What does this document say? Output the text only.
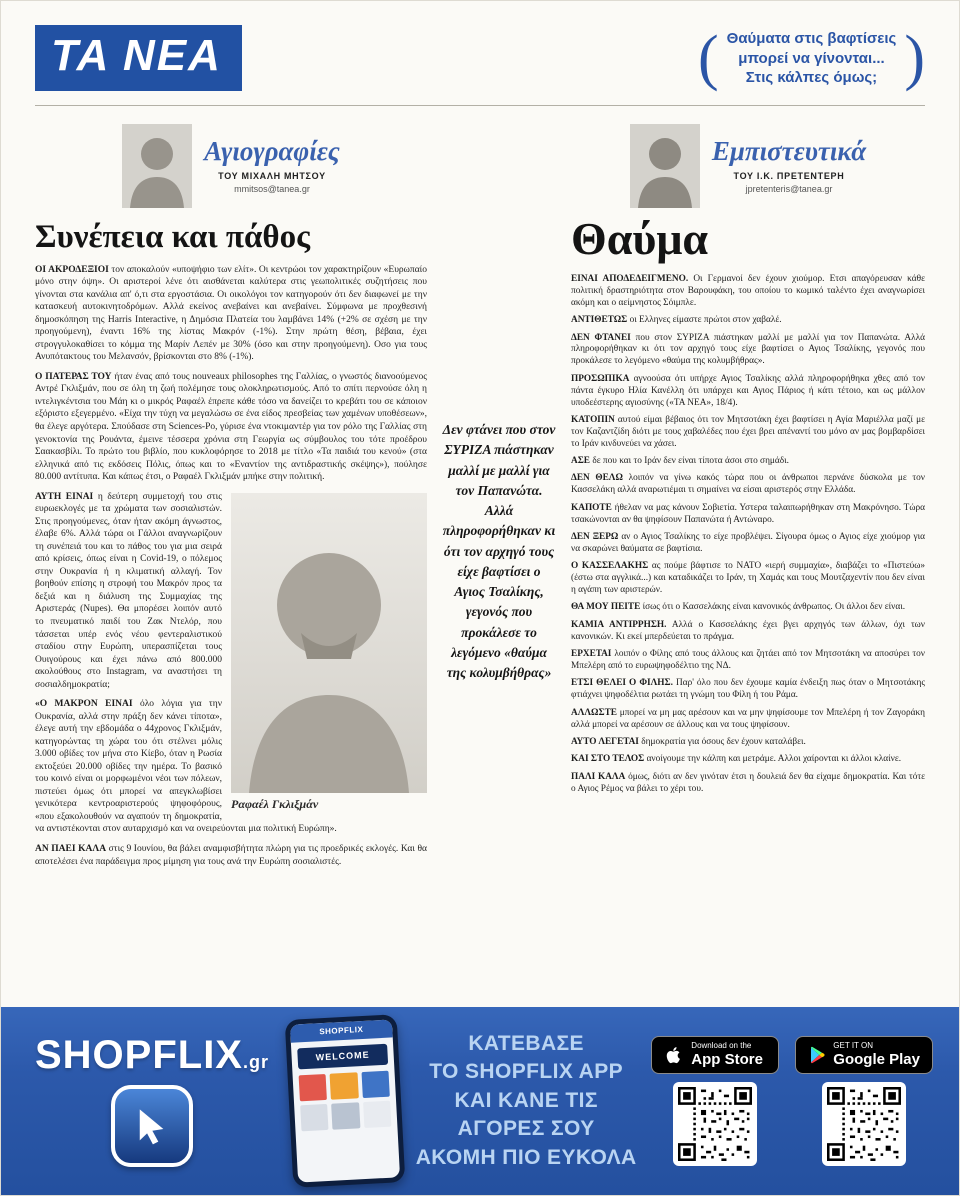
ΤΑ ΝΕΑ	( Θαύματα στις βαφτίσεις
μπορεί να γίνονται...
Στις κάλπες όμως; )
Αγιογραφίες
ΤΟΥ ΜΙΧΑΛΗ ΜΗΤΣΟΥ
mmitsos@tanea.gr
Συνέπεια και πάθος

ΟΙ ΑΚΡΟΔΕΞΙΟΙ τον αποκαλούν «υποψήφιο των ελίτ». Οι κεντρώοι τον χαρακτηρίζουν «Ευρωπαίο μόνο στην όψη». Οι αριστεροί λένε ότι αισθάνεται καλύτερα στις γεωπολιτικές συζητήσεις που γίνονται στα κανάλια απ' ό,τι στα εργοστάσια. Οι οικολόγοι τον κατηγορούν ότι δεν διαφωνεί με την κατασκευή αυτοκινητοδρόμων. Αλλά εκείνος ανεβαίνει και ανεβαίνει. Σύμφωνα με προχθεσινή δημοσκόπηση της Harris Interactive, η Δημόσια Πλατεία του λαμβάνει 14% (+2% σε σχέση με την προηγούμενη), έναντι 16% της λίστας Μακρόν (-1%). Στην πρώτη θέση, βέβαια, έχει στρογγυλοκαθίσει το κόμμα της Μαρίν Λεπέν με 30% (όσο και στην προηγούμενη). Οσο για τους Ανυπότακτους του Μελανσόν, βρίσκονται στο 8% (-1%).

Ο ΠΑΤΕΡΑΣ ΤΟΥ ήταν ένας από τους nouveaux philosophes της Γαλλίας, ο γνωστός διανοούμενος Αντρέ Γκλιξμάν, που σε όλη τη ζωή πολέμησε τους ολοκληρωτισμούς. Από το σπίτι περνούσε όλη η ιντελιγκέντσια του Μάη κι ο μικρός Ραφαέλ έπρεπε κάθε τόσο να δανείζει το κρεβάτι του σε κάποιον εξόριστο εξεγερμένο. «Είχα την τύχη να μεγαλώσω σε ένα είδος πρεσβείας των χαμένων υποθέσεων», θα έλεγε αργότερα. Σπούδασε στη Sciences-Po, γύρισε ένα ντοκιμαντέρ για τον ρόλο της Γαλλίας στη γενοκτονία της Ρουάντα, έμεινε τέσσερα χρόνια στη Γεωργία ως σύμβουλος του τότε προέδρου Σαακασβίλι. Το πρώτο του βιβλίο, που κυκλοφόρησε το 2018 με τίτλο «Τα παιδιά του κενού» (στα ελληνικά από τις εκδόσεις Πόλις, όπως και το «Εναντίον της αντιδραστικής σκέψης»), πούλησε 80.000 αντίτυπα. Και κάπως έτσι, ο Ραφαέλ Γκλιξμάν μπήκε στην πολιτική.

Ραφαέλ Γκλιξμάν

ΑΥΤΗ ΕΙΝΑΙ η δεύτερη συμμετοχή του στις ευρωεκλογές με τα χρώματα των σοσιαλιστών. Στις προηγούμενες, όταν ήταν ακόμη άγνωστος, έλαβε 6%. Αλλά τώρα οι Γάλλοι αναγνωρίζουν τη συνέπειά του και το πάθος του για μια σειρά από κρίσεις, όπως είναι η Covid-19, ο πόλεμος στην Ουκρανία ή η κλιματική αλλαγή. Τον βοηθούν επίσης η στροφή του Μακρόν προς τα δεξιά και η διάλυση της Συμμαχίας της Αριστεράς (Nupes). Θα μπορέσει λοιπόν αυτό το πνευματικό παιδί του Ζακ Ντελόρ, που τάσσεται υπέρ ενός νέου φεντεραλιστικού σταδίου στην Ευρώπη, υπερασπίζεται τους Ουιγούρους και έχει πάνω από 800.000 ακολούθους στο Instagram, να αναστήσει τη σοσιαλδημοκρατία;

«Ο ΜΑΚΡΟΝ ΕΙΝΑΙ όλο λόγια για την Ουκρανία, αλλά στην πράξη δεν κάνει τίποτα», έλεγε αυτή την εβδομάδα ο 44χρονος Γκλιξμάν, κατηγορώντας τη χώρα του ότι στέλνει μόλις 3.000 οβίδες τον μήνα στο Κίεβο, όταν η Ρωσία εκτοξεύει 20.000 οβίδες την ημέρα. Το βασικό του κοινό είναι οι μορφωμένοι νέοι των πόλεων, πιστεύει όμως ότι μπορεί να απεγκλωβίσει γενικότερα κεντροαριστερούς ψηφοφόρους, «που εξακολουθούν να αγαπούν τη δημοκρατία, να αντιστέκονται στον αυταρχισμό και να ονειρεύονται μια πολιτική Ευρώπη».

ΑΝ ΠΑΕΙ ΚΑΛΑ στις 9 Ιουνίου, θα βάλει αναμφισβήτητα πλώρη για τις προεδρικές εκλογές. Και θα αποτελέσει ένα παράδειγμα προς μίμηση για τους ανά την Ευρώπη σοσιαλιστές.

Δεν φτάνει που στον ΣΥΡΙΖΑ πιάστηκαν μαλλί με μαλλί για τον Παπανώτα. Αλλά πληροφορήθηκαν κι ότι τον αρχηγό τους είχε βαφτίσει ο Αγιος Τσαλίκης, γεγονός που προκάλεσε το λεγόμενο «θαύμα της κολυμβήθρας»

Εμπιστευτικά
ΤΟΥ Ι.Κ. ΠΡΕΤΕΝΤΕΡΗ
jpretenteris@tanea.gr
Θαύμα

ΕΙΝΑΙ ΑΠΟΔΕΔΕΙΓΜΕΝΟ. Οι Γερμανοί δεν έχουν χιούμορ. Ετσι απαγόρευσαν κάθε πολιτική δραστηριότητα στον Βαρουφάκη, του οποίου το κωμικό ταλέντο έχει αναγνωρίσει ακόμη και ο αείμνηστος Σόιμπλε.

ΑΝΤΙΘΕΤΩΣ οι Ελληνες είμαστε πρώτοι στον χαβαλέ.

ΔΕΝ ΦΤΑΝΕΙ που στον ΣΥΡΙΖΑ πιάστηκαν μαλλί με μαλλί για τον Παπανώτα. Αλλά πληροφορήθηκαν κι ότι τον αρχηγό τους είχε βαφτίσει ο Αγιος Τσαλίκης, γεγονός που προκάλεσε το λεγόμενο «θαύμα της κολυμβήθρας».

ΠΡΟΣΩΠΙΚΑ αγνοούσα ότι υπήρχε Αγιος Τσαλίκης αλλά πληροφορήθηκα χθες από τον πάντα έγκυρο Ηλία Κανέλλη ότι υπάρχει και Αγιος Πάριος ή κάτι τέτοιο, και ως μάλλον υποδεέστερης αγιοσύνης («ΤΑ ΝΕΑ», 18/4).

ΚΑΤΟΠΙΝ αυτού είμαι βέβαιος ότι τον Μητσοτάκη έχει βαφτίσει η Αγία Μαριέλλα μαζί με τον Καζαντζίδη διότι με τους χαβαλέδες που έχει βρει απέναντί του μόνο αν μας βομβαρδίσει το Ιράν κινδυνεύει να χάσει.

ΑΣΕ δε που και το Ιράν δεν είναι τίποτα άσοι στο σημάδι.

ΔΕΝ ΘΕΛΩ λοιπόν να γίνω κακός τώρα που οι άνθρωποι περνάνε δύσκολα με τον Κασσελάκη αλλά αναρωτιέμαι τι σημαίνει να είσαι αριστερός στην Ελλάδα.

ΚΑΠΟΤΕ ήθελαν να μας κάνουν Σοβιετία. Υστερα ταλαιπωρήθηκαν στη Μακρόνησο. Τώρα τσακώνονται αν θα ψηφίσουν Παπανώτα ή Αντώναρο.

ΔΕΝ ΞΕΡΩ αν ο Αγιος Τσαλίκης το είχε προβλέψει. Σίγουρα όμως ο Αγιος είχε χιούμορ για να σκαρώνει θαύματα σε βαφτίσια.

Ο ΚΑΣΣΕΛΑΚΗΣ ας πούμε βάφτισε το ΝΑΤΟ «ιερή συμμαχία», διαβάζει το «Πιστεύω» (έστω στα αγγλικά...) και καταδικάζει το Ιράν, τη Χαμάς και τους Μουτζαχεντίν που δεν είναι η αγάπη των αριστερών.

ΘΑ ΜΟΥ ΠΕΙΤΕ ίσως ότι ο Κασσελάκης είναι κανονικός άνθρωπος. Οι άλλοι δεν είναι.

ΚΑΜΙΑ ΑΝΤΙΡΡΗΣΗ. Αλλά ο Κασσελάκης έχει βγει αρχηγός των άλλων, όχι των κανονικών. Κι εκεί μπερδεύεται το πράγμα.

ΕΡΧΕΤΑΙ λοιπόν ο Φίλης από τους άλλους και ζητάει από τον Μητσοτάκη να αποσύρει τον Μπελέρη από το ευρωψηφοδέλτιο της ΝΔ.

ΕΤΣΙ ΘΕΛΕΙ Ο ΦΙΛΗΣ. Παρ' όλο που δεν έχουμε καμία ένδειξη πως όταν ο Μητσοτάκης φτιάχνει ψηφοδέλτια ρωτάει τη γνώμη του Φίλη ή του Ράμα.

ΑΛΛΩΣΤΕ μπορεί να μη μας αρέσουν και να μην ψηφίσουμε τον Μπελέρη ή τον Ζαγοράκη αλλά μπορεί να αρέσουν σε άλλους και να τους ψηφίσουν.

ΑΥΤΟ ΛΕΓΕΤΑΙ δημοκρατία για όσους δεν έχουν καταλάβει.

ΚΑΙ ΣΤΟ ΤΕΛΟΣ ανοίγουμε την κάλπη και μετράμε. Αλλοι χαίρονται κι άλλοι κλαίνε.

ΠΑΛΙ ΚΑΛΑ όμως, διότι αν δεν γινόταν έτσι η δουλειά δεν θα είχαμε δημοκρατία. Και τότε ο Αγιος Ρέμος να βάλει το χέρι του.

SHOPFLIX.gr
SHOPFLIX
WELCOME
ΚΑΤΕΒΑΣΕ
ΤΟ SHOPFLIX APP
ΚΑΙ ΚΑΝΕ ΤΙΣ ΑΓΟΡΕΣ ΣΟΥ
ΑΚΟΜΗ ΠΙΟ ΕΥΚΟΛΑ
Download on the
App Store
GET IT ON
Google Play
